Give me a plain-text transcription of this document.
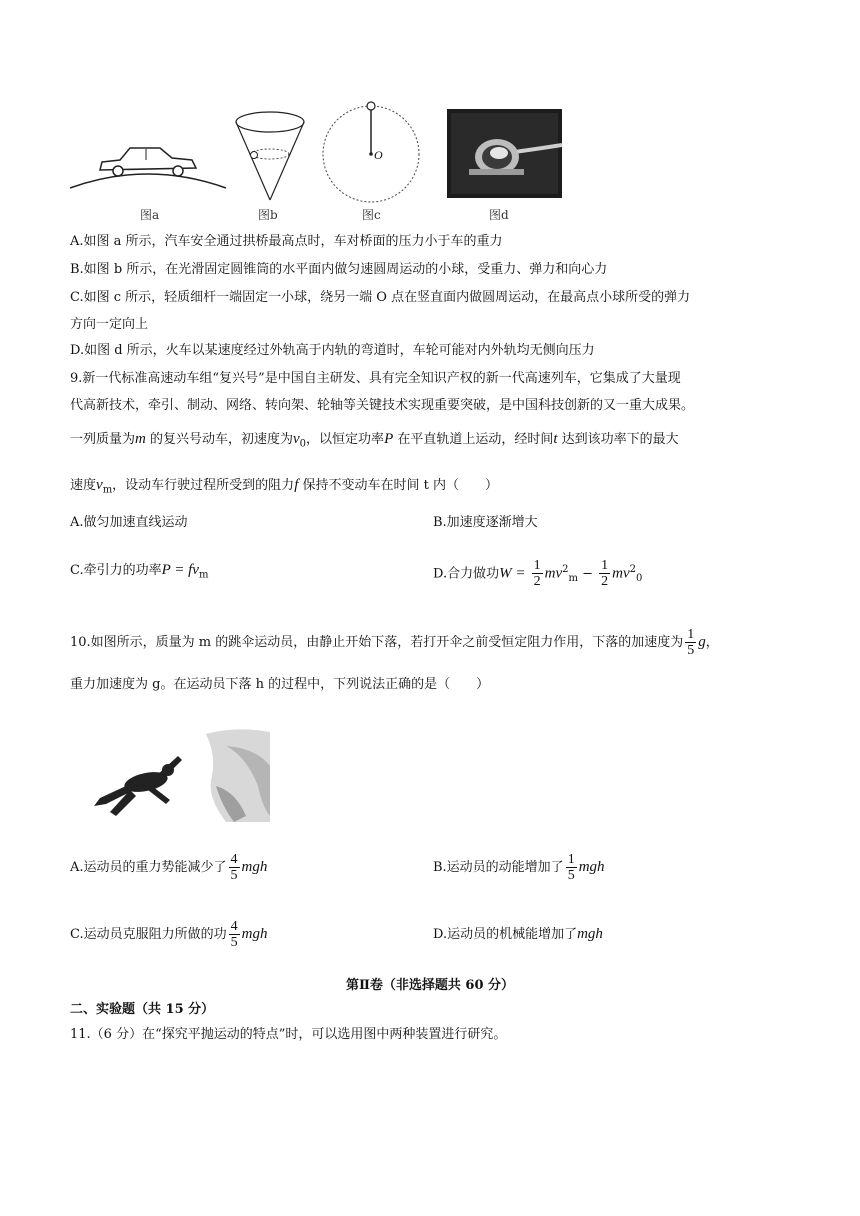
图a	图b
O
图c	图d
A.如图 a 所示，汽车安全通过拱桥最高点时，车对桥面的压力小于车的重力
B.如图 b 所示，在光滑固定圆锥筒的水平面内做匀速圆周运动的小球，受重力、弹力和向心力
C.如图 c 所示，轻质细杆一端固定一小球，绕另一端 O 点在竖直面内做圆周运动，在最高点小球所受的弹力
方向一定向上
D.如图 d 所示，火车以某速度经过外轨高于内轨的弯道时，车轮可能对内外轨均无侧向压力
9.新一代标准高速动车组“复兴号”是中国自主研发、具有完全知识产权的新一代高速列车，它集成了大量现
代高新技术，牵引、制动、网络、转向架、轮轴等关键技术实现重要突破，是中国科技创新的又一重大成果。
一列质量为m 的复兴号动车，初速度为$v_0$，以恒定功率P 在平直轨道上运动，经时间t 达到该功率下的最大
速度$v_m$，设动车行驶过程所受到的阻力f 保持不变动车在时间 t 内（　　）
A.做匀加速直线运动	B.加速度逐渐增大
C.牵引力的功率$P = fv_m$	D.合力做功$W = \frac{1}{2} mv^2_m - \frac{1}{2} mv^2_0$
10.如图所示，质量为 m 的跳伞运动员，由静止开始下落，若打开伞之前受恒定阻力作用，下落的加速度为 $\frac{1}{5}$ g，
重力加速度为 g。在运动员下落 h 的过程中，下列说法正确的是（　　）
A.运动员的重力势能减少了 $\frac{4}{5}$ mgh	B.运动员的动能增加了 $\frac{1}{5}$ mgh
C.运动员克服阻力所做的功 $\frac{4}{5}$ mgh	D.运动员的机械能增加了mgh
第Ⅱ卷（非选择题共 60 分）
二、实验题（共 15 分）
11.（6 分）在“探究平抛运动的特点”时，可以选用图中两种装置进行研究。
